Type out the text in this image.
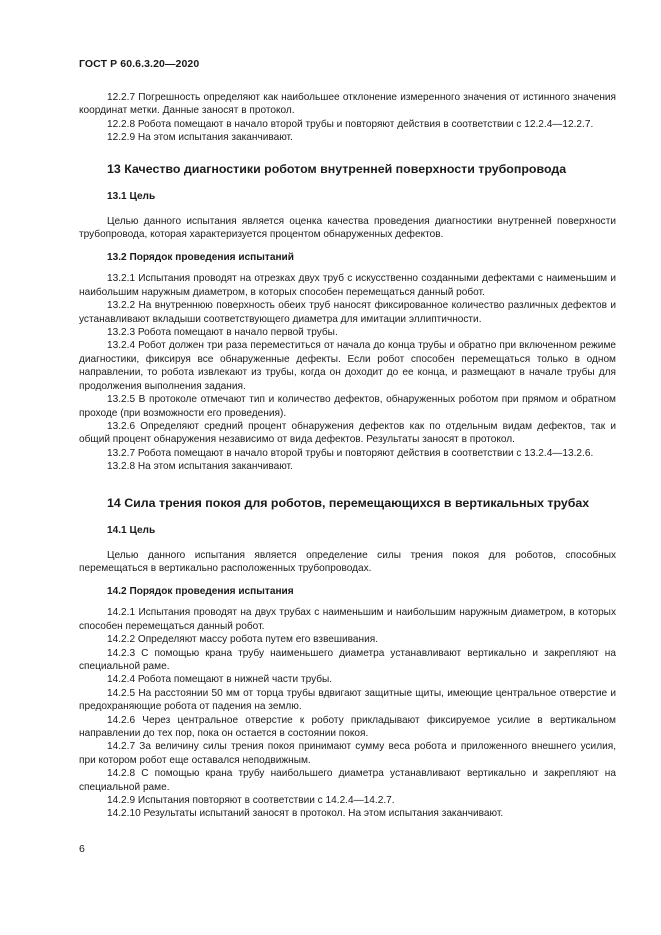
ГОСТ Р 60.6.3.20—2020

12.2.7 Погрешность определяют как наибольшее отклонение измеренного значения от истинного значения координат метки. Данные заносят в протокол.

12.2.8 Робота помещают в начало второй трубы и повторяют действия в соответствии с 12.2.4—12.2.7.

12.2.9 На этом испытания заканчивают.

13 Качество диагностики роботом внутренней поверхности трубопровода
13.1 Цель

Целью данного испытания является оценка качества проведения диагностики внутренней поверхности трубопровода, которая характеризуется процентом обнаруженных дефектов.

13.2 Порядок проведения испытаний

13.2.1 Испытания проводят на отрезках двух труб с искусственно созданными дефектами с наименьшим и наибольшим наружным диаметром, в которых способен перемещаться данный робот.

13.2.2 На внутреннюю поверхность обеих труб наносят фиксированное количество различных дефектов и устанавливают вкладыши соответствующего диаметра для имитации эллиптичности.

13.2.3 Робота помещают в начало первой трубы.

13.2.4 Робот должен три раза переместиться от начала до конца трубы и обратно при включенном режиме диагностики, фиксируя все обнаруженные дефекты. Если робот способен перемещаться только в одном направлении, то робота извлекают из трубы, когда он доходит до ее конца, и размещают в начале трубы для продолжения выполнения задания.

13.2.5 В протоколе отмечают тип и количество дефектов, обнаруженных роботом при прямом и обратном проходе (при возможности его проведения).

13.2.6 Определяют средний процент обнаружения дефектов как по отдельным видам дефектов, так и общий процент обнаружения независимо от вида дефектов. Результаты заносят в протокол.

13.2.7 Робота помещают в начало второй трубы и повторяют действия в соответствии с 13.2.4—13.2.6.

13.2.8 На этом испытания заканчивают.

14 Сила трения покоя для роботов, перемещающихся в вертикальных трубах
14.1 Цель

Целью данного испытания является определение силы трения покоя для роботов, способных перемещаться в вертикально расположенных трубопроводах.

14.2 Порядок проведения испытания

14.2.1 Испытания проводят на двух трубах с наименьшим и наибольшим наружным диаметром, в которых способен перемещаться данный робот.

14.2.2 Определяют массу робота путем его взвешивания.

14.2.3 С помощью крана трубу наименьшего диаметра устанавливают вертикально и закрепляют на специальной раме.

14.2.4 Робота помещают в нижней части трубы.

14.2.5 На расстоянии 50 мм от торца трубы вдвигают защитные щиты, имеющие центральное отверстие и предохраняющие робота от падения на землю.

14.2.6 Через центральное отверстие к роботу прикладывают фиксируемое усилие в вертикальном направлении до тех пор, пока он остается в состоянии покоя.

14.2.7 За величину силы трения покоя принимают сумму веса робота и приложенного внешнего усилия, при котором робот еще оставался неподвижным.

14.2.8 С помощью крана трубу наибольшего диаметра устанавливают вертикально и закрепляют на специальной раме.

14.2.9 Испытания повторяют в соответствии с 14.2.4—14.2.7.

14.2.10 Результаты испытаний заносят в протокол. На этом испытания заканчивают.

6
